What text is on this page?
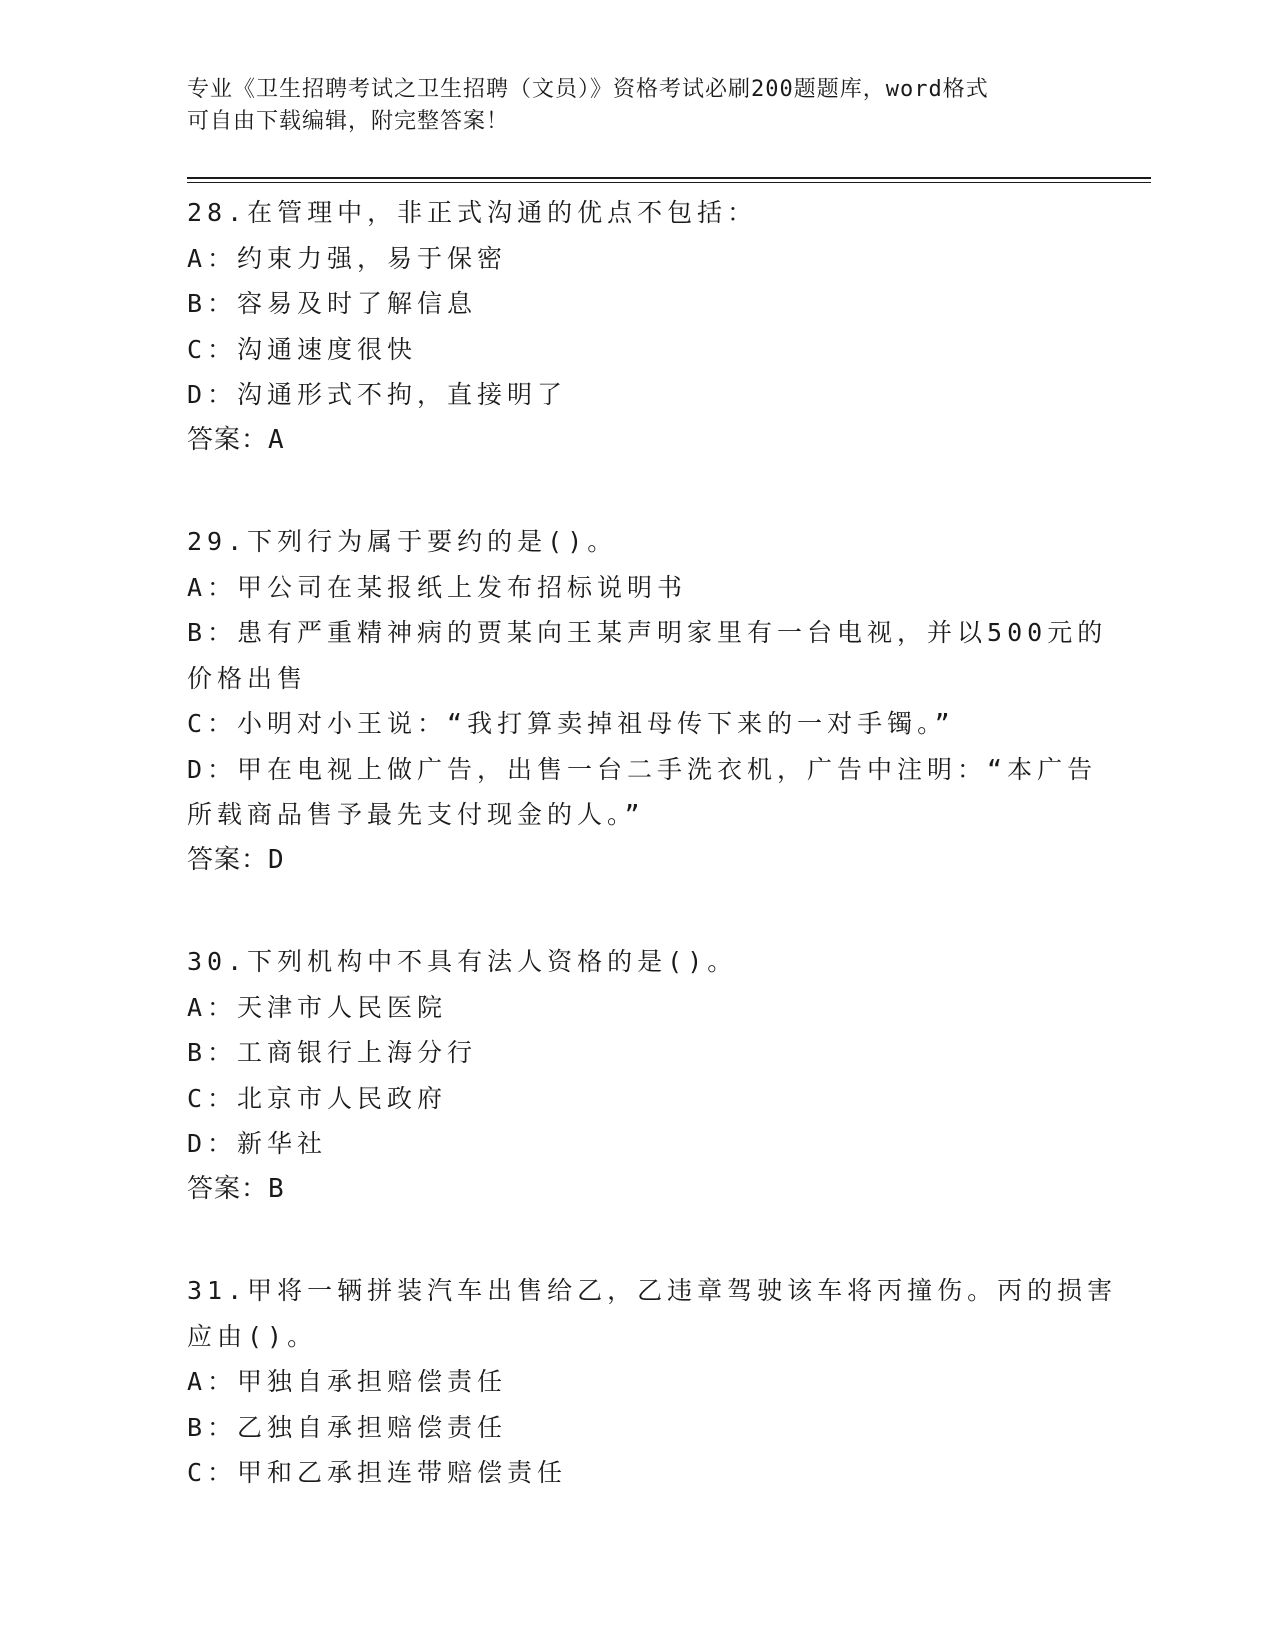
专业《卫生招聘考试之卫生招聘（文员）》资格考试必刷200题题库，word格式
可自由下载编辑，附完整答案！
28.在管理中，非正式沟通的优点不包括：
A：约束力强，易于保密
B：容易及时了解信息
C：沟通速度很快
D：沟通形式不拘，直接明了
答案：A
29.下列行为属于要约的是()。
A：甲公司在某报纸上发布招标说明书
B：患有严重精神病的贾某向王某声明家里有一台电视，并以500元的
价格出售
C：小明对小王说：“我打算卖掉祖母传下来的一对手镯。”
D：甲在电视上做广告，出售一台二手洗衣机，广告中注明：“本广告
所载商品售予最先支付现金的人。”
答案：D
30.下列机构中不具有法人资格的是()。
A：天津市人民医院
B：工商银行上海分行
C：北京市人民政府
D：新华社
答案：B
31.甲将一辆拼装汽车出售给乙，乙违章驾驶该车将丙撞伤。丙的损害
应由()。
A：甲独自承担赔偿责任
B：乙独自承担赔偿责任
C：甲和乙承担连带赔偿责任
